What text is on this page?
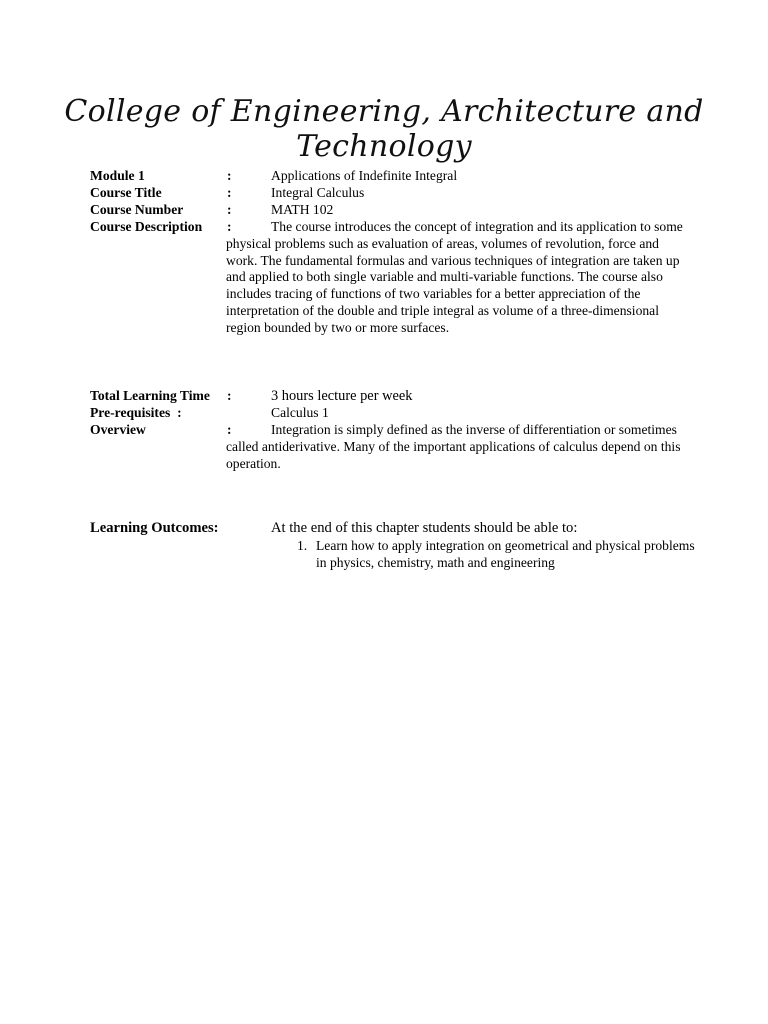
College of Engineering, Architecture and Technology
Module 1	:	Applications of Indefinite Integral
Course Title	:	Integral Calculus
Course Number	:	MATH 102
Course Description :	The course introduces the concept of integration and its application to some physical problems such as evaluation of areas, volumes of revolution, force and work. The fundamental formulas and various techniques of integration are taken up and applied to both single variable and multi-variable functions. The course also includes tracing of functions of two variables for a better appreciation of the interpretation of the double and triple integral as volume of a three-dimensional region bounded by two or more surfaces.
Total Learning Time :	3 hours lecture per week
Pre-requisites  :	Calculus 1
Overview	:	Integration is simply defined as the inverse of differentiation or sometimes called antiderivative. Many of the important applications of calculus depend on this operation.
Learning Outcomes:	At the end of this chapter students should be able to:
1. Learn how to apply integration on geometrical and physical problems in physics, chemistry, math and engineering
